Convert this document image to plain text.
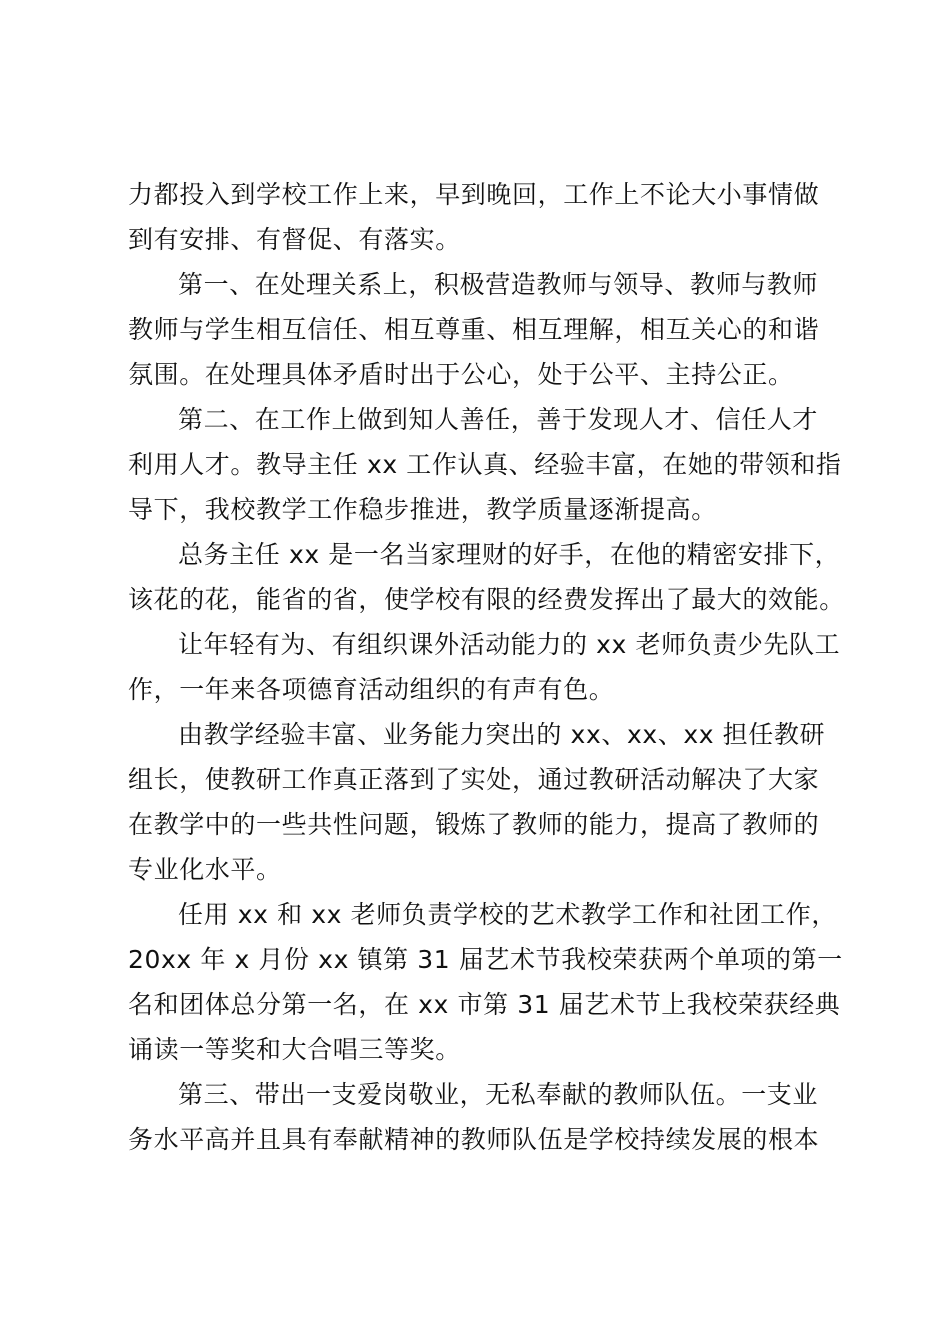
力都投入到学校工作上来，早到晚回，工作上不论大小事情做
到有安排、有督促、有落实。
第一、在处理关系上，积极营造教师与领导、教师与教师
教师与学生相互信任、相互尊重、相互理解，相互关心的和谐
氛围。在处理具体矛盾时出于公心，处于公平、主持公正。
第二、在工作上做到知人善任，善于发现人才、信任人才
利用人才。教导主任 xx 工作认真、经验丰富，在她的带领和指
导下，我校教学工作稳步推进，教学质量逐渐提高。
总务主任 xx 是一名当家理财的好手，在他的精密安排下，
该花的花，能省的省，使学校有限的经费发挥出了最大的效能。
让年轻有为、有组织课外活动能力的 xx 老师负责少先队工
作，一年来各项德育活动组织的有声有色。
由教学经验丰富、业务能力突出的 xx、xx、xx 担任教研
组长，使教研工作真正落到了实处，通过教研活动解决了大家
在教学中的一些共性问题，锻炼了教师的能力，提高了教师的
专业化水平。
任用 xx 和 xx 老师负责学校的艺术教学工作和社团工作，
20xx 年 x 月份 xx 镇第 31 届艺术节我校荣获两个单项的第一
名和团体总分第一名，在 xx 市第 31 届艺术节上我校荣获经典
诵读一等奖和大合唱三等奖。
第三、带出一支爱岗敬业，无私奉献的教师队伍。一支业
务水平高并且具有奉献精神的教师队伍是学校持续发展的根本
